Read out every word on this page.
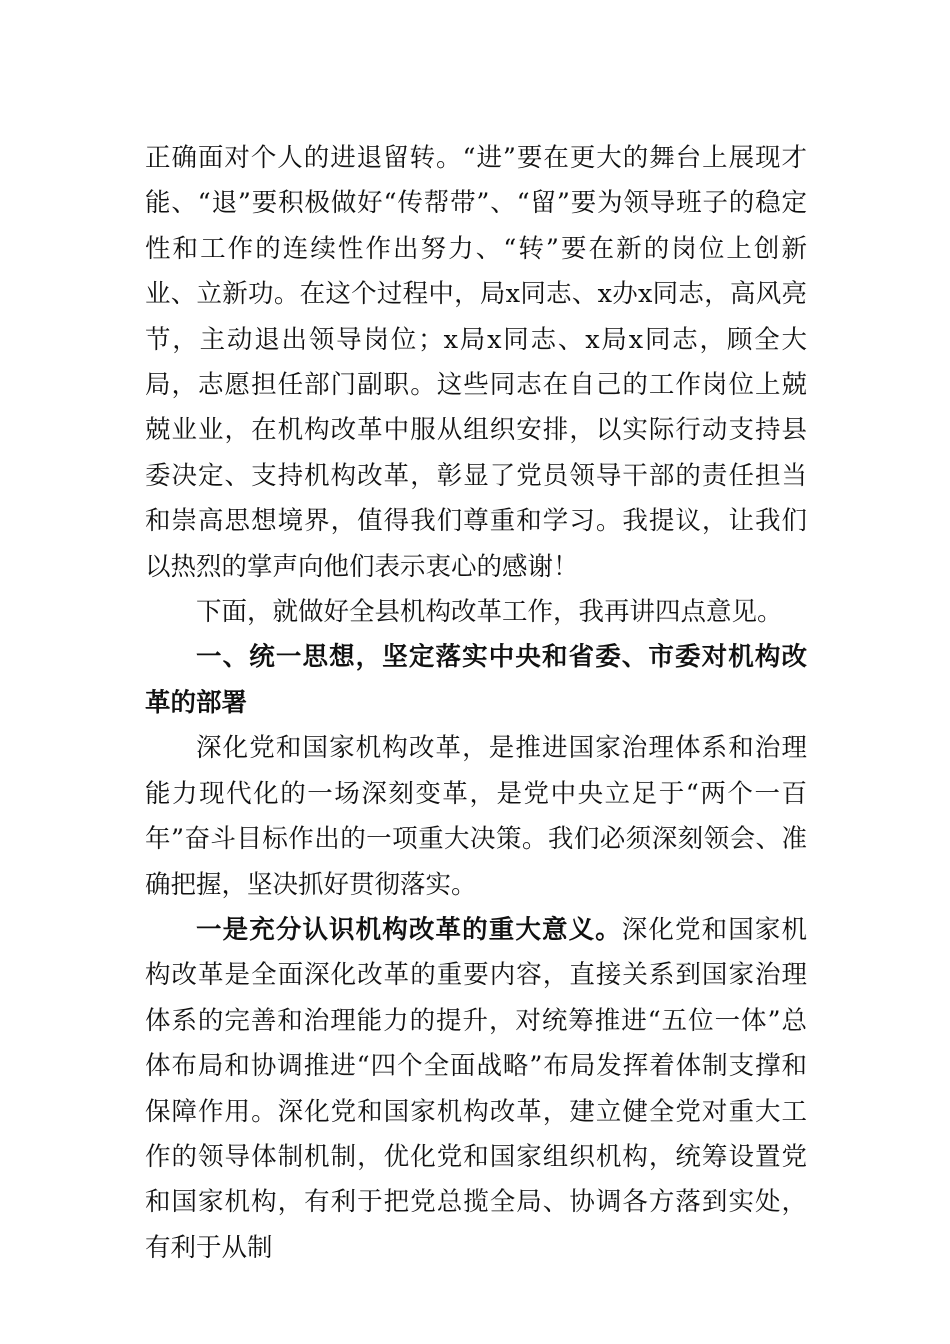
正确面对个人的进退留转。“进”要在更大的舞台上展现才能、“退”要积极做好“传帮带”、“留”要为领导班子的稳定性和工作的连续性作出努力、“转”要在新的岗位上创新业、立新功。在这个过程中，局x同志、x办x同志，高风亮节，主动退出领导岗位；x局x同志、x局x同志，顾全大局，志愿担任部门副职。这些同志在自己的工作岗位上兢兢业业，在机构改革中服从组织安排，以实际行动支持县委决定、支持机构改革，彰显了党员领导干部的责任担当和崇高思想境界，值得我们尊重和学习。我提议，让我们以热烈的掌声向他们表示衷心的感谢！

下面，就做好全县机构改革工作，我再讲四点意见。

一、统一思想，坚定落实中央和省委、市委对机构改革的部署

深化党和国家机构改革，是推进国家治理体系和治理能力现代化的一场深刻变革，是党中央立足于“两个一百年”奋斗目标作出的一项重大决策。我们必须深刻领会、准确把握，坚决抓好贯彻落实。

一是充分认识机构改革的重大意义。深化党和国家机构改革是全面深化改革的重要内容，直接关系到国家治理体系的完善和治理能力的提升，对统筹推进“五位一体”总体布局和协调推进“四个全面战略”布局发挥着体制支撑和保障作用。深化党和国家机构改革，建立健全党对重大工作的领导体制机制，优化党和国家组织机构，统筹设置党和国家机构，有利于把党总揽全局、协调各方落到实处，有利于从制
